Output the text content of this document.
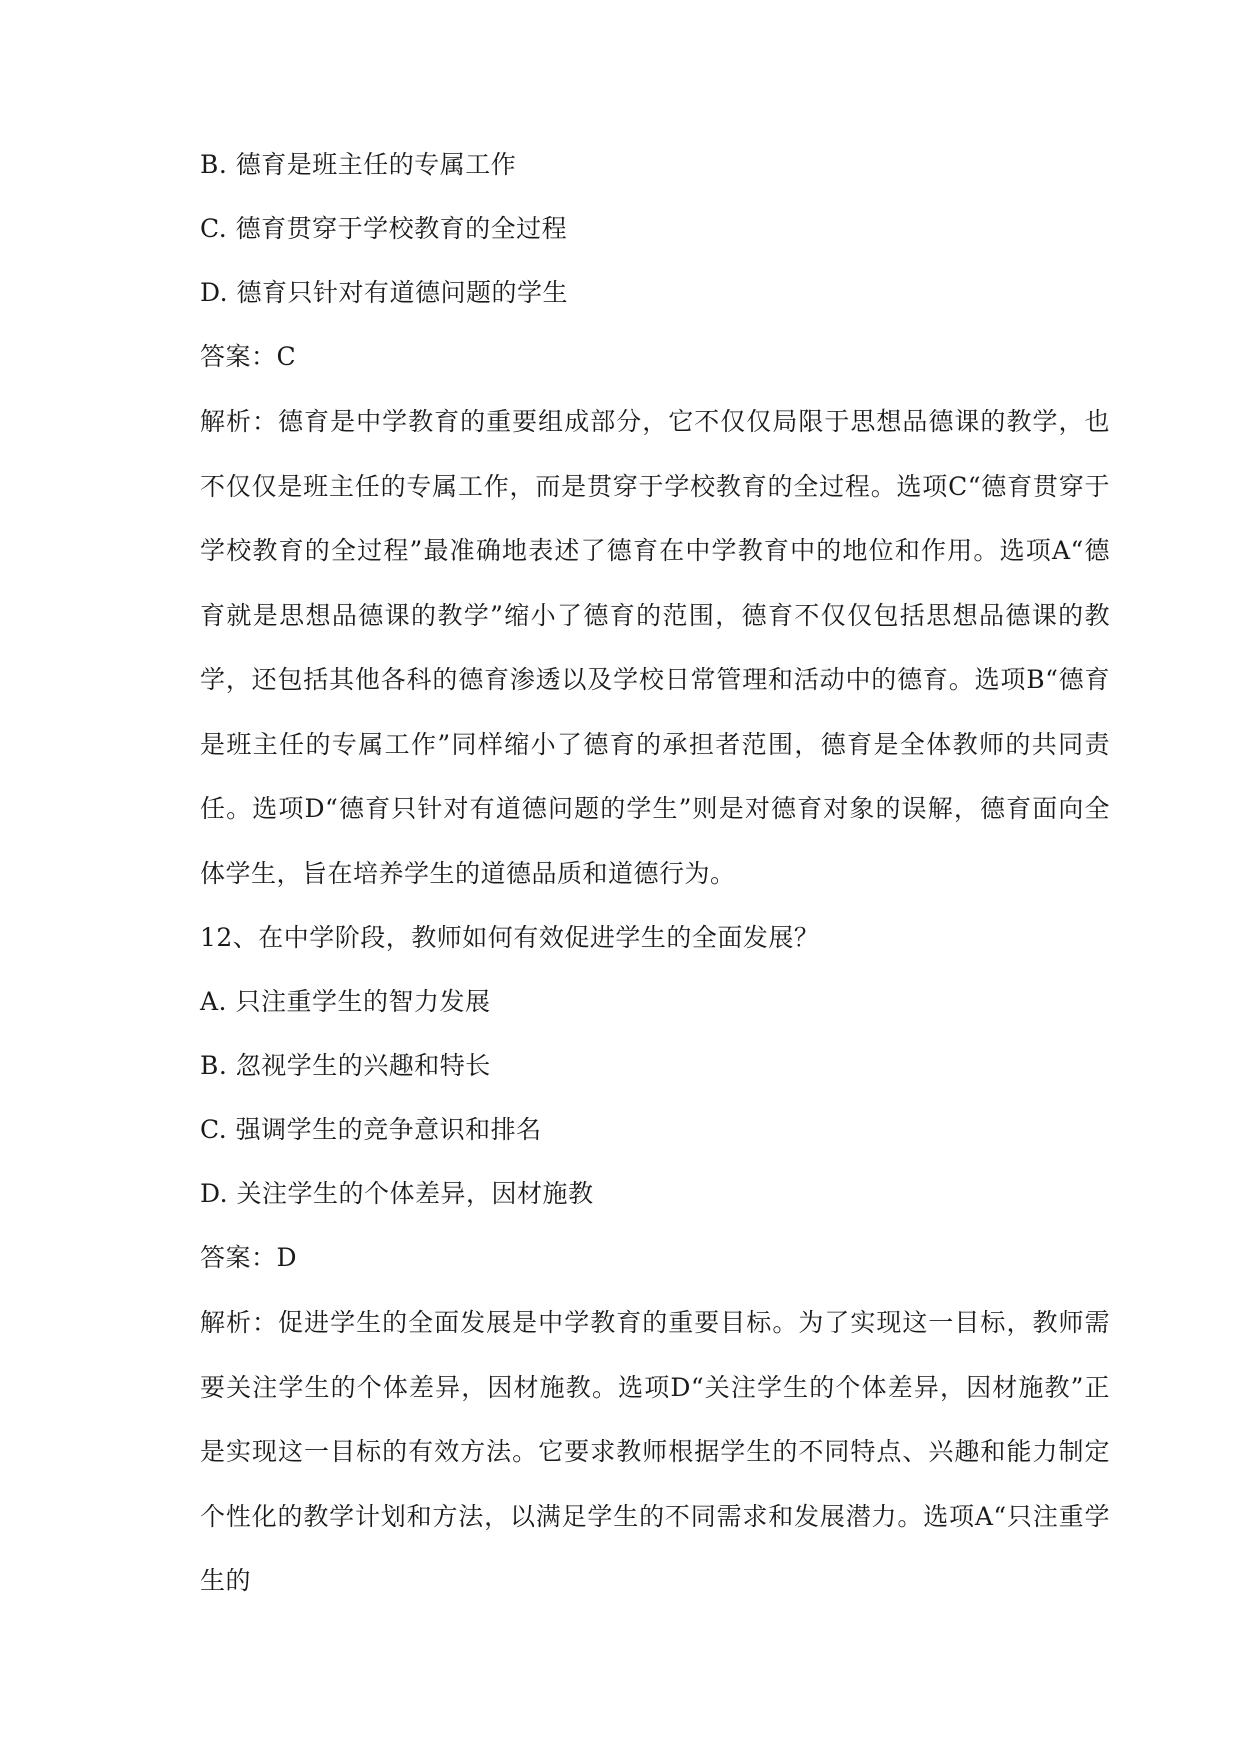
B. 德育是班主任的专属工作
C. 德育贯穿于学校教育的全过程
D. 德育只针对有道德问题的学生
答案：C
解析：德育是中学教育的重要组成部分，它不仅仅局限于思想品德课的教学，也不仅仅是班主任的专属工作，而是贯穿于学校教育的全过程。选项C“德育贯穿于学校教育的全过程”最准确地表述了德育在中学教育中的地位和作用。选项A“德育就是思想品德课的教学”缩小了德育的范围，德育不仅仅包括思想品德课的教学，还包括其他各科的德育渗透以及学校日常管理和活动中的德育。选项B“德育是班主任的专属工作”同样缩小了德育的承担者范围，德育是全体教师的共同责任。选项D“德育只针对有道德问题的学生”则是对德育对象的误解，德育面向全体学生，旨在培养学生的道德品质和道德行为。
12、在中学阶段，教师如何有效促进学生的全面发展？
A. 只注重学生的智力发展
B. 忽视学生的兴趣和特长
C. 强调学生的竞争意识和排名
D. 关注学生的个体差异，因材施教
答案：D
解析：促进学生的全面发展是中学教育的重要目标。为了实现这一目标，教师需要关注学生的个体差异，因材施教。选项D“关注学生的个体差异，因材施教”正是实现这一目标的有效方法。它要求教师根据学生的不同特点、兴趣和能力制定个性化的教学计划和方法，以满足学生的不同需求和发展潜力。选项A“只注重学生的
